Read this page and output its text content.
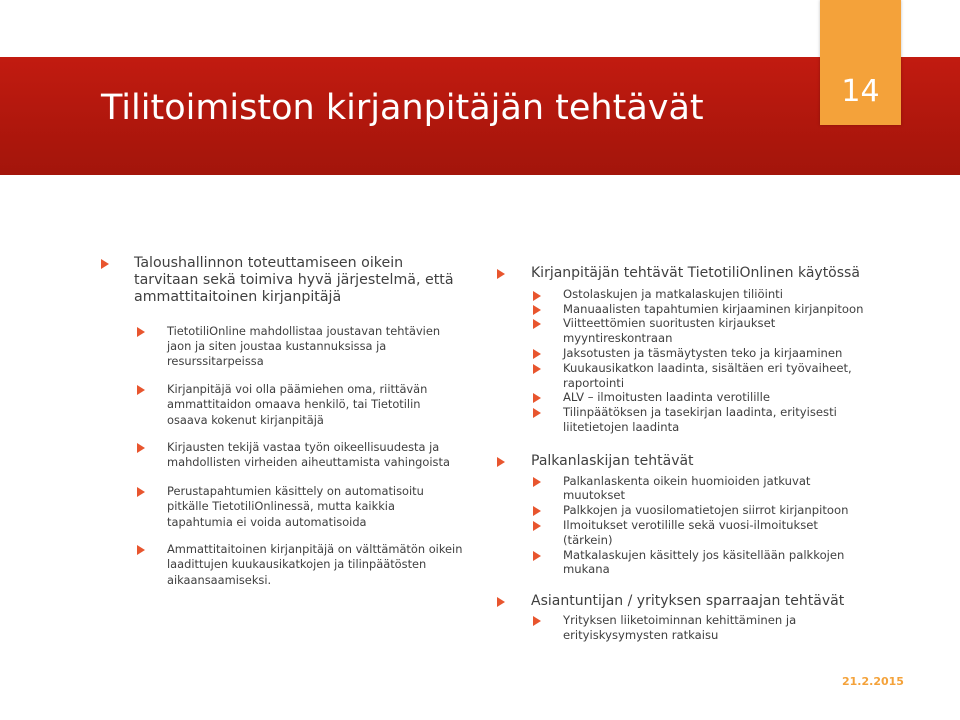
Tilitoimiston kirjanpitäjän tehtävät	14
Taloushallinnon toteuttamiseen oikein tarvitaan sekä toimiva hyvä järjestelmä, että ammattitaitoinen kirjanpitäjä
TietotiliOnline mahdollistaa joustavan tehtävien jaon ja siten joustaa kustannuksissa ja resurssitarpeissa
Kirjanpitäjä voi olla päämiehen oma, riittävän ammattitaidon omaava henkilö, tai Tietotilin osaava kokenut kirjanpitäjä
Kirjausten tekijä vastaa työn oikeellisuudesta ja mahdollisten virheiden aiheuttamista vahingoista
Perustapahtumien käsittely on automatisoitu pitkälle TietotiliOnlinessä, mutta kaikkia tapahtumia ei voida automatisoida
Ammattitaitoinen kirjanpitäjä on välttämätön oikein laadittujen kuukausikatkojen ja tilinpäätösten aikaansaamiseksi.
Kirjanpitäjän tehtävät TietotiliOnlinen käytössä
Ostolaskujen ja matkalaskujen tiliöinti
Manuaalisten tapahtumien kirjaaminen kirjanpitoon
Viitteettömien suoritusten kirjaukset myyntireskontraan
Jaksotusten ja täsmäytysten teko ja kirjaaminen
Kuukausikatkon laadinta, sisältäen eri työvaiheet, raportointi
ALV – ilmoitusten laadinta verotilille
Tilinpäätöksen ja tasekirjan laadinta, erityisesti liitetietojen laadinta
Palkanlaskijan tehtävät
Palkanlaskenta oikein huomioiden jatkuvat muutokset
Palkkojen ja vuosilomatietojen siirrot kirjanpitoon
Ilmoitukset verotilille sekä vuosi-ilmoitukset (tärkein)
Matkalaskujen käsittely jos käsitellään palkkojen mukana
Asiantuntijan / yrityksen sparraajan tehtävät
Yrityksen liiketoiminnan kehittäminen ja erityiskysymysten ratkaisu
21.2.2015
